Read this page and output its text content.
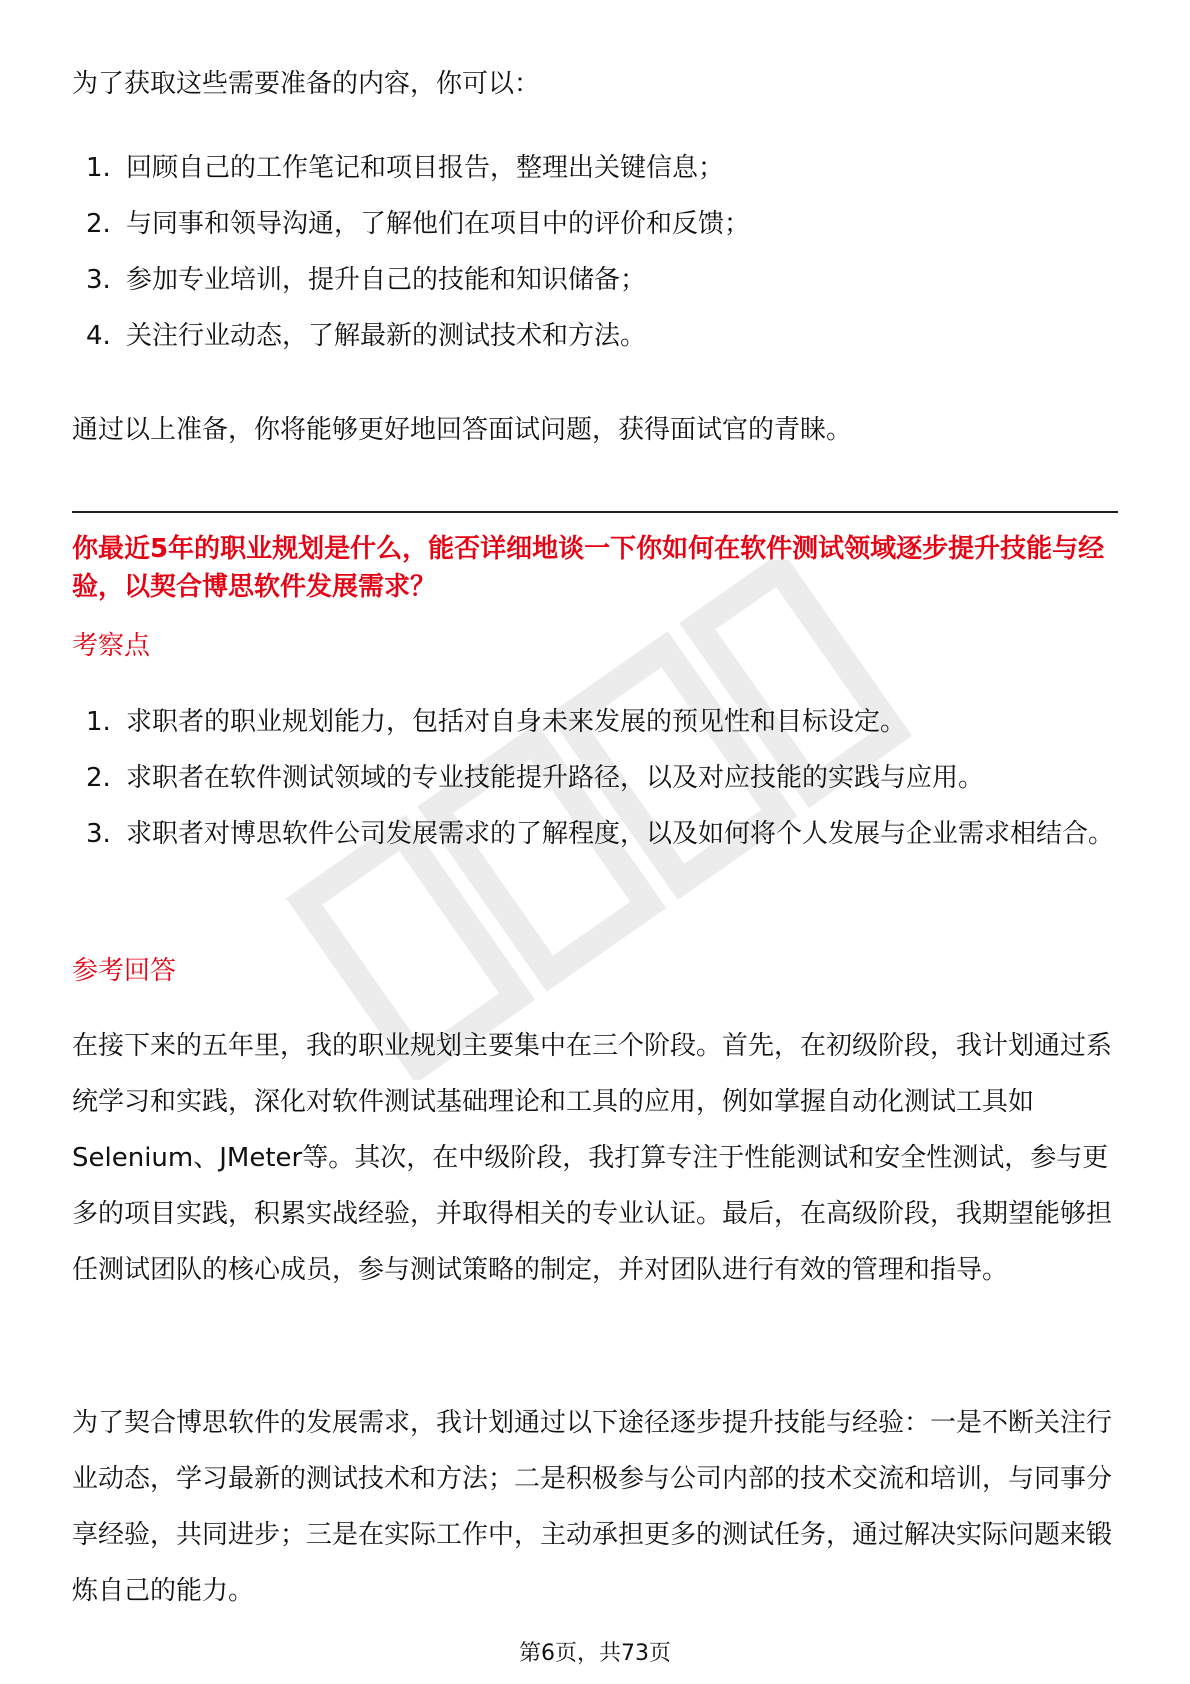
为了获取这些需要准备的内容，你可以：

1. 回顾自己的工作笔记和项目报告，整理出关键信息；
2. 与同事和领导沟通，了解他们在项目中的评价和反馈；
3. 参加专业培训，提升自己的技能和知识储备；
4. 关注行业动态，了解最新的测试技术和方法。

通过以上准备，你将能够更好地回答面试问题，获得面试官的青睐。

你最近5年的职业规划是什么，能否详细地谈一下你如何在软件测试领域逐步提升技能与经验，以契合博思软件发展需求？

考察点

1. 求职者的职业规划能力，包括对自身未来发展的预见性和目标设定。
2. 求职者在软件测试领域的专业技能提升路径，以及对应技能的实践与应用。
3. 求职者对博思软件公司发展需求的了解程度，以及如何将个人发展与企业需求相结合。

参考回答

在接下来的五年里，我的职业规划主要集中在三个阶段。首先，在初级阶段，我计划通过系统学习和实践，深化对软件测试基础理论和工具的应用，例如掌握自动化测试工具如Selenium、JMeter等。其次，在中级阶段，我打算专注于性能测试和安全性测试，参与更多的项目实践，积累实战经验，并取得相关的专业认证。最后，在高级阶段，我期望能够担任测试团队的核心成员，参与测试策略的制定，并对团队进行有效的管理和指导。

为了契合博思软件的发展需求，我计划通过以下途径逐步提升技能与经验：一是不断关注行业动态，学习最新的测试技术和方法；二是积极参与公司内部的技术交流和培训，与同事分享经验，共同进步；三是在实际工作中，主动承担更多的测试任务，通过解决实际问题来锻炼自己的能力。

第6页，共73页
